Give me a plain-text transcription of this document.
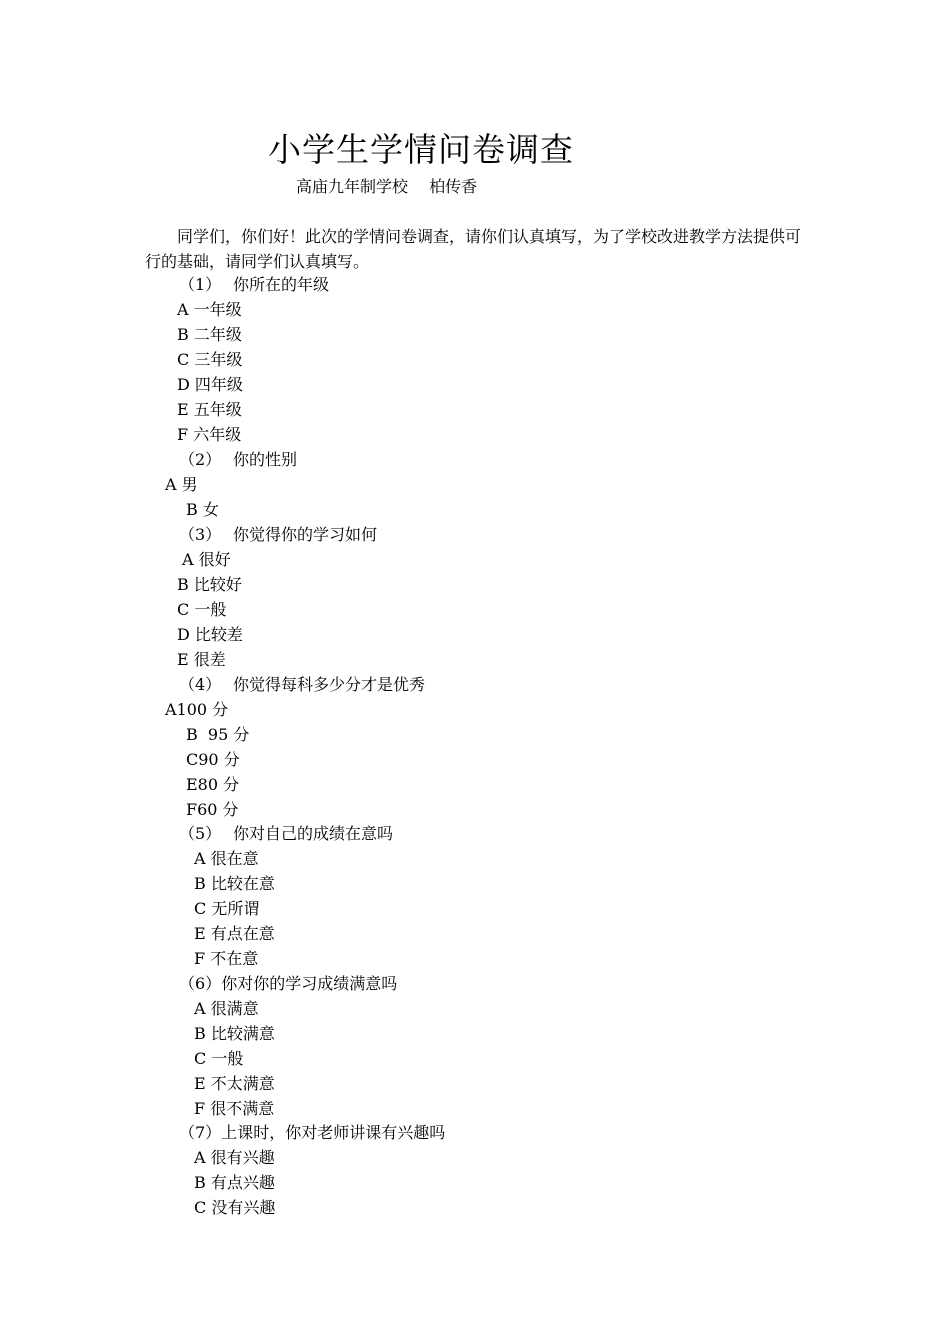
小学生学情问卷调查
高庙九年制学校　 柏传香

同学们，你们好！此次的学情问卷调查，请你们认真填写，为了学校改进教学方法提供可行的基础，请同学们认真填写。

（1） 你所在的年级
A 一年级
B 二年级
C 三年级
D 四年级
E 五年级
F 六年级
（2） 你的性别
A 男
B 女
（3） 你觉得你的学习如何
A 很好
B 比较好
C 一般
D 比较差
E 很差
（4） 你觉得每科多少分才是优秀
A100 分
B  95 分
C90 分
E80 分
F60 分
（5） 你对自己的成绩在意吗
A 很在意
B 比较在意
C 无所谓
E 有点在意
F 不在意
（6）你对你的学习成绩满意吗
A 很满意
B 比较满意
C 一般
E 不太满意
F 很不满意
（7）上课时，你对老师讲课有兴趣吗
A 很有兴趣
B 有点兴趣
C 没有兴趣
